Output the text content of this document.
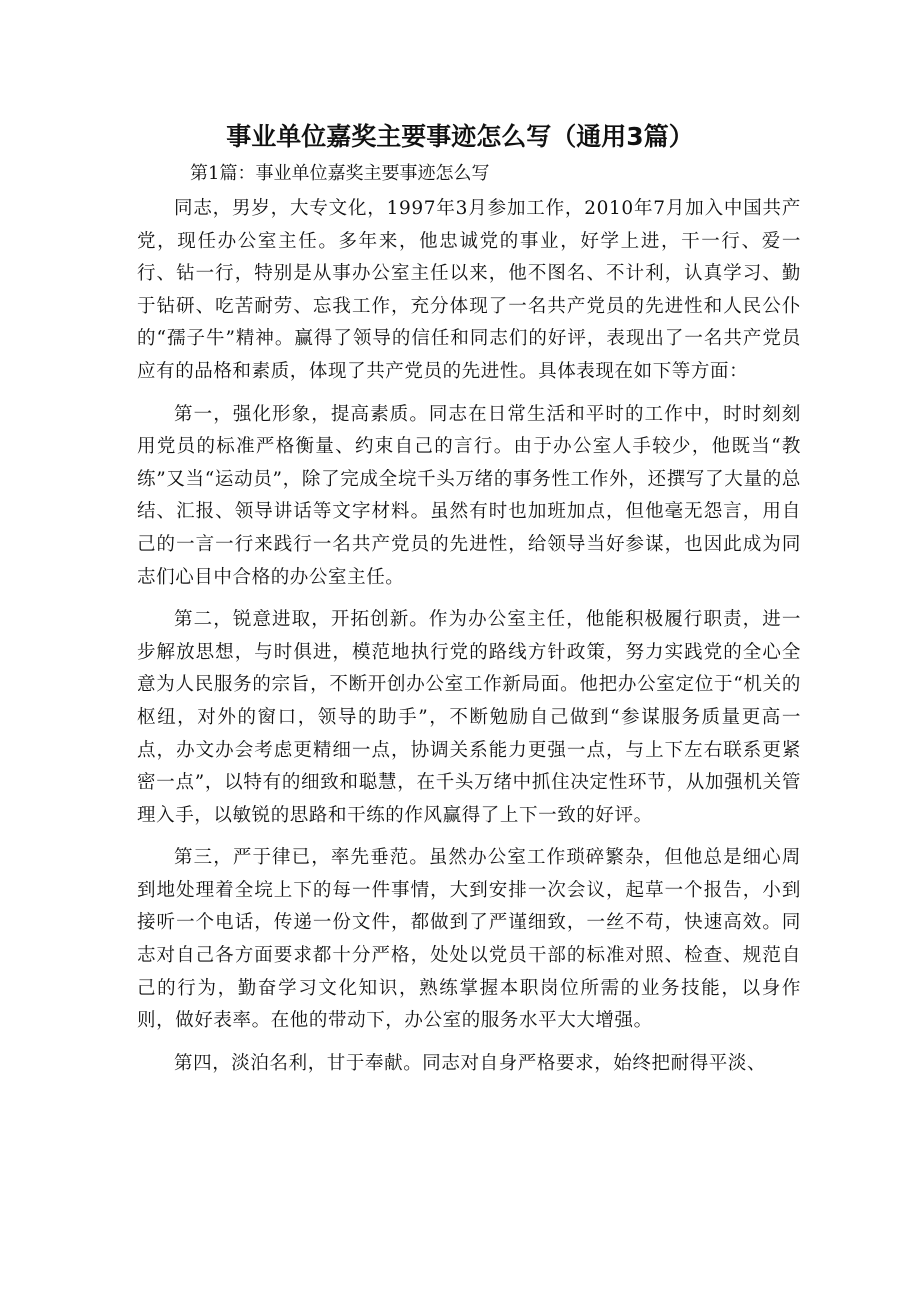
事业单位嘉奖主要事迹怎么写（通用3篇）

第1篇：事业单位嘉奖主要事迹怎么写

同志，男岁，大专文化，1997年3月参加工作，2010年7月加入中国共产党，现任办公室主任。多年来，他忠诚党的事业，好学上进，干一行、爱一行、钻一行，特别是从事办公室主任以来，他不图名、不计利，认真学习、勤于钻研、吃苦耐劳、忘我工作，充分体现了一名共产党员的先进性和人民公仆的“孺子牛”精神。赢得了领导的信任和同志们的好评，表现出了一名共产党员应有的品格和素质，体现了共产党员的先进性。具体表现在如下等方面：

第一，强化形象，提高素质。同志在日常生活和平时的工作中，时时刻刻用党员的标准严格衡量、约束自己的言行。由于办公室人手较少，他既当“教练”又当“运动员”，除了完成全垸千头万绪的事务性工作外，还撰写了大量的总结、汇报、领导讲话等文字材料。虽然有时也加班加点，但他毫无怨言，用自己的一言一行来践行一名共产党员的先进性，给领导当好参谋，也因此成为同志们心目中合格的办公室主任。

第二，锐意进取，开拓创新。作为办公室主任，他能积极履行职责，进一步解放思想，与时俱进，模范地执行党的路线方针政策，努力实践党的全心全意为人民服务的宗旨，不断开创办公室工作新局面。他把办公室定位于“机关的枢纽，对外的窗口，领导的助手”，不断勉励自己做到“参谋服务质量更高一点，办文办会考虑更精细一点，协调关系能力更强一点，与上下左右联系更紧密一点”，以特有的细致和聪慧，在千头万绪中抓住决定性环节，从加强机关管理入手，以敏锐的思路和干练的作风赢得了上下一致的好评。

第三，严于律已，率先垂范。虽然办公室工作琐碎繁杂，但他总是细心周到地处理着全垸上下的每一件事情，大到安排一次会议，起草一个报告，小到接听一个电话，传递一份文件，都做到了严谨细致，一丝不苟，快速高效。同志对自己各方面要求都十分严格，处处以党员干部的标准对照、检查、规范自己的行为，勤奋学习文化知识，熟练掌握本职岗位所需的业务技能，以身作则，做好表率。在他的带动下，办公室的服务水平大大增强。

第四，淡泊名利，甘于奉献。同志对自身严格要求，始终把耐得平淡、
